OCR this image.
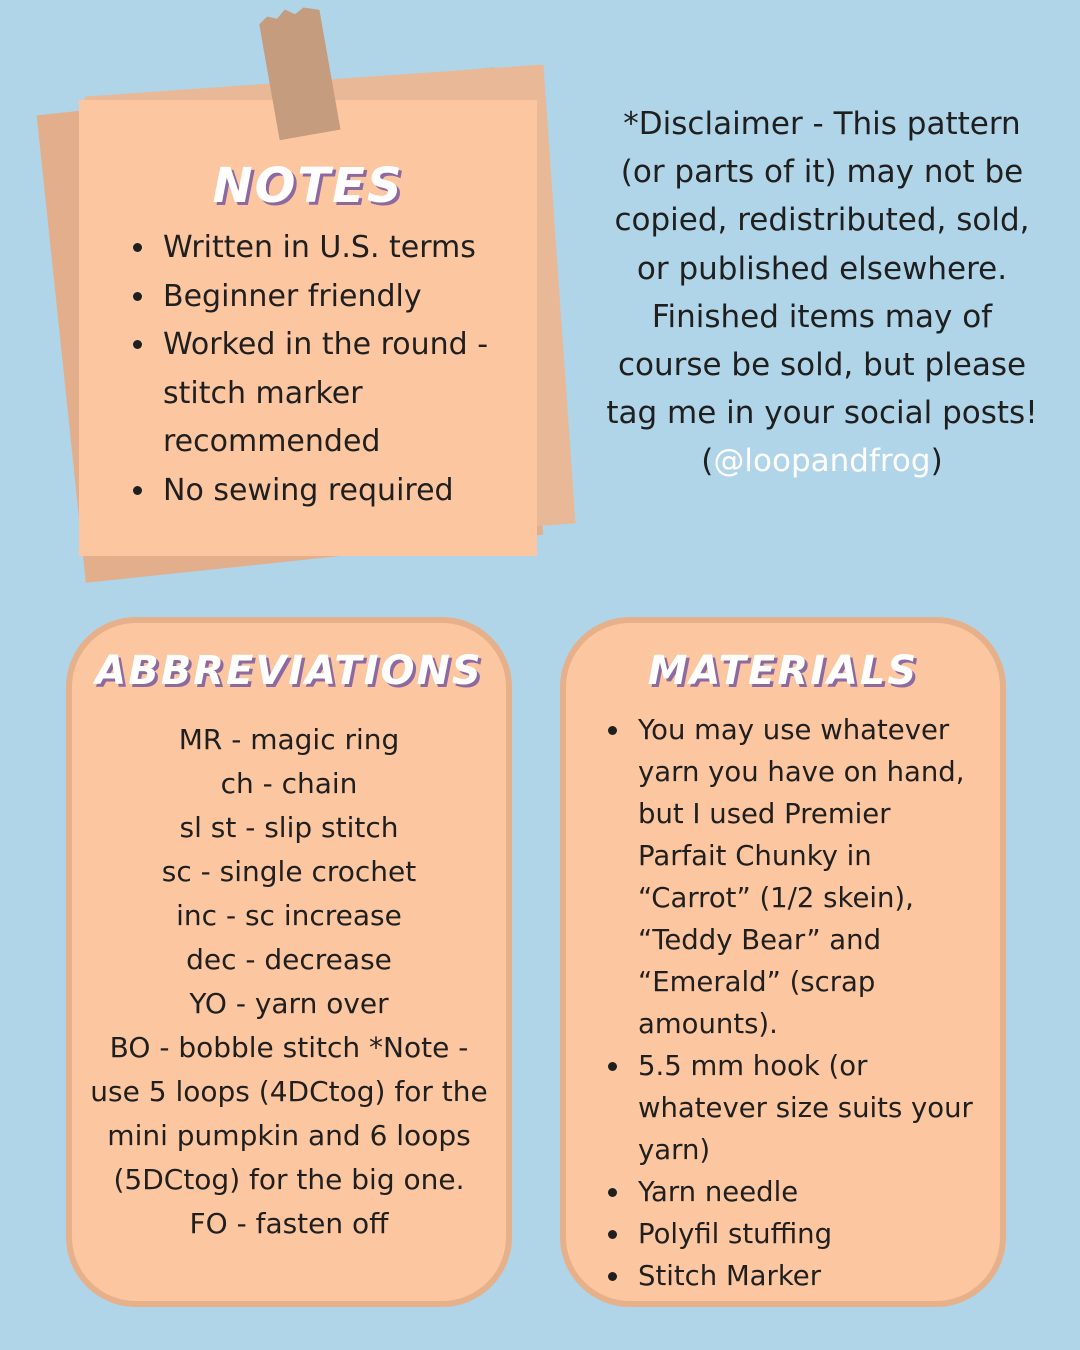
NOTES
Written in U.S. terms
Beginner friendly
Worked in the round - stitch marker recommended
No sewing required
*Disclaimer - This pattern
(or parts of it) may not be
copied, redistributed, sold,
or published elsewhere.
Finished items may of
course be sold, but please
tag me in your social posts!
(@loopandfrog)
ABBREVIATIONS
MR - magic ring
ch - chain
sl st - slip stitch
sc - single crochet
inc - sc increase
dec - decrease
YO - yarn over
BO - bobble stitch *Note -
use 5 loops (4DCtog) for the
mini pumpkin and 6 loops
(5DCtog) for the big one.
FO - fasten off
MATERIALS
You may use whatever yarn you have on hand, but I used Premier Parfait Chunky in “Carrot” (1/2 skein), “Teddy Bear” and “Emerald” (scrap amounts).
5.5 mm hook (or whatever size suits your yarn)
Yarn needle
Polyfil stuffing
Stitch Marker
